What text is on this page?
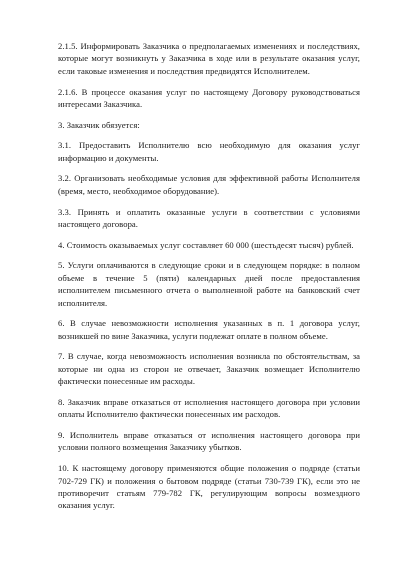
2.1.5. Информировать Заказчика о предполагаемых изменениях и последствиях, которые могут возникнуть у Заказчика в ходе или в результате оказания услуг, если таковые изменения и последствия предвидятся Исполнителем.

2.1.6. В процессе оказания услуг по настоящему Договору руководствоваться интересами Заказчика.

3. Заказчик обязуется:

3.1. Предоставить Исполнителю всю необходимую для оказания услуг информацию и документы.

3.2. Организовать необходимые условия для эффективной работы Исполнителя (время, место, необходимое оборудование).

3.3. Принять и оплатить оказанные услуги в соответствии с условиями настоящего договора.

4. Стоимость оказываемых услуг составляет 60 000 (шестьдесят тысяч) рублей.

5. Услуги оплачиваются в следующие сроки и в следующем порядке: в полном объеме в течение 5 (пяти) календарных дней после предоставления исполнителем письменного отчета о выполненной работе на банковский счет исполнителя.

6. В случае невозможности исполнения указанных в п. 1 договора услуг, возникшей по вине Заказчика, услуги подлежат оплате в полном объеме.

7. В случае, когда невозможность исполнения возникла по обстоятельствам, за которые ни одна из сторон не отвечает, Заказчик возмещает Исполнителю фактически понесенные им расходы.

8. Заказчик вправе отказаться от исполнения настоящего договора при условии оплаты Исполнителю фактически понесенных им расходов.

9. Исполнитель вправе отказаться от исполнения настоящего договора при условии полного возмещения Заказчику убытков.

10. К настоящему договору применяются общие положения о подряде (статьи 702-729 ГК) и положения о бытовом подряде (статьи 730-739 ГК), если это не противоречит статьям 779-782 ГК, регулирующим вопросы возмездного оказания услуг.
